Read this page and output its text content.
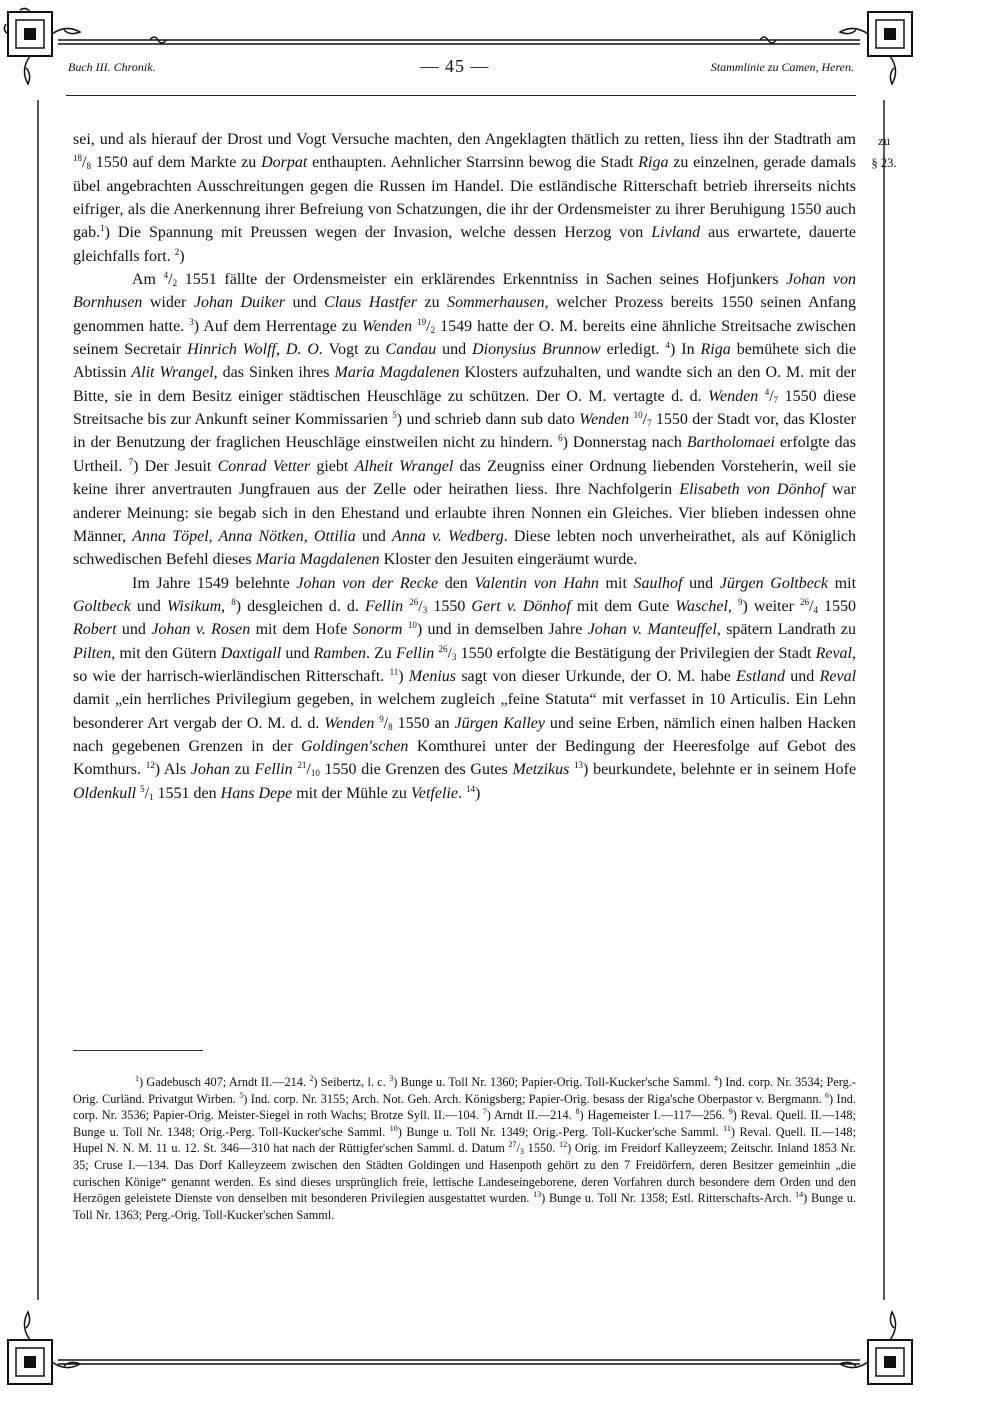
Buch III. Chronik.	— 45 —	Stammlinie zu Camen, Heren.
zu
§ 23.

sei, und als hierauf der Drost und Vogt Versuche machten, den Angeklagten thätlich zu retten, liess ihn der Stadtrath am $^{18}/_8$ 1550 auf dem Markte zu Dorpat enthaupten. Aehnlicher Starrsinn bewog die Stadt Riga zu einzelnen, gerade damals übel angebrachten Ausschreitungen gegen die Russen im Handel. Die estländische Ritterschaft betrieb ihrerseits nichts eifriger, als die Anerkennung ihrer Befreiung von Schatzungen, die ihr der Ordensmeister zu ihrer Beruhigung 1550 auch gab.$^1$) Die Spannung mit Preussen wegen der Invasion, welche dessen Herzog von Livland aus erwartete, dauerte gleichfalls fort. $^2$)

Am $^4/_2$ 1551 fällte der Ordensmeister ein erklärendes Erkenntniss in Sachen seines Hofjunkers Johan von Bornhusen wider Johan Duiker und Claus Hastfer zu Sommerhausen, welcher Prozess bereits 1550 seinen Anfang genommen hatte. $^3$) Auf dem Herrentage zu Wenden $^{19}/_2$ 1549 hatte der O. M. bereits eine ähnliche Streitsache zwischen seinem Secretair Hinrich Wolff, D. O. Vogt zu Candau und Dionysius Brunnow erledigt. $^4$) In Riga bemühete sich die Abtissin Alit Wrangel, das Sinken ihres Maria Magdalenen Klosters aufzuhalten, und wandte sich an den O. M. mit der Bitte, sie in dem Besitz einiger städtischen Heuschläge zu schützen. Der O. M. vertagte d. d. Wenden $^4/_7$ 1550 diese Streitsache bis zur Ankunft seiner Kommissarien $^5$) und schrieb dann sub dato Wenden $^{10}/_7$ 1550 der Stadt vor, das Kloster in der Benutzung der fraglichen Heuschläge einstweilen nicht zu hindern. $^6$) Donnerstag nach Bartholomaei erfolgte das Urtheil. $^7$) Der Jesuit Conrad Vetter giebt Alheit Wrangel das Zeugniss einer Ordnung liebenden Vorsteherin, weil sie keine ihrer anvertrauten Jungfrauen aus der Zelle oder heirathen liess. Ihre Nachfolgerin Elisabeth von Dönhof war anderer Meinung: sie begab sich in den Ehestand und erlaubte ihren Nonnen ein Gleiches. Vier blieben indessen ohne Männer, Anna Töpel, Anna Nötken, Ottilia und Anna v. Wedberg. Diese lebten noch unverheirathet, als auf Königlich schwedischen Befehl dieses Maria Magdalenen Kloster den Jesuiten eingeräumt wurde.

Im Jahre 1549 belehnte Johan von der Recke den Valentin von Hahn mit Saulhof und Jürgen Goltbeck mit Goltbeck und Wisikum, $^8$) desgleichen d. d. Fellin $^{26}/_3$ 1550 Gert v. Dönhof mit dem Gute Waschel, $^9$) weiter $^{26}/_4$ 1550 Robert und Johan v. Rosen mit dem Hofe Sonorm $^{10}$) und in demselben Jahre Johan v. Manteuffel, spätern Landrath zu Pilten, mit den Gütern Daxtigall und Ramben. Zu Fellin $^{26}/_3$ 1550 erfolgte die Bestätigung der Privilegien der Stadt Reval, so wie der harrisch-wierländischen Ritterschaft. $^{11}$) Menius sagt von dieser Urkunde, der O. M. habe Estland und Reval damit „ein herrliches Privilegium gegeben, in welchem zugleich „feine Statuta“ mit verfasset in 10 Articulis. Ein Lehn besonderer Art vergab der O. M. d. d. Wenden $^9/_8$ 1550 an Jürgen Kalley und seine Erben, nämlich einen halben Hacken nach gegebenen Grenzen in der Goldingen'schen Komthurei unter der Bedingung der Heeresfolge auf Gebot des Komthurs. $^{12}$) Als Johan zu Fellin $^{21}/_{10}$ 1550 die Grenzen des Gutes Metzikus $^{13}$) beurkundete, belehnte er in seinem Hofe Oldenkull $^5/_1$ 1551 den Hans Depe mit der Mühle zu Vetfelie. $^{14}$)

$^1$) Gadebusch 407; Arndt II.—214. $^2$) Seibertz, l. c. $^3$) Bunge u. Toll Nr. 1360; Papier-Orig. Toll-Kucker'sche Samml. $^4$) Ind. corp. Nr. 3534; Perg.-Orig. Curländ. Privatgut Wirben. $^5$) Ind. corp. Nr. 3155; Arch. Not. Geh. Arch. Königsberg; Papier-Orig. besass der Riga'sche Oberpastor v. Bergmann. $^6$) Ind. corp. Nr. 3536; Papier-Orig. Meister-Siegel in roth Wachs; Brotze Syll. II.—104. $^7$) Arndt II.—214. $^8$) Hagemeister I.—117—256. $^9$) Reval. Quell. II.—148; Bunge u. Toll Nr. 1348; Orig.-Perg. Toll-Kucker'sche Samml. $^{10}$) Bunge u. Toll Nr. 1349; Orig.-Perg. Toll-Kucker'sche Samml. $^{11}$) Reval. Quell. II.—148; Hupel N. N. M. 11 u. 12. St. 346—310 hat nach der Rüttigfer'schen Samml. d. Datum $^{27}/_3$ 1550. $^{12}$) Orig. im Freidorf Kalleyzeem; Zeitschr. Inland 1853 Nr. 35; Cruse I.—134. Das Dorf Kalleyzeem zwischen den Städten Goldingen und Hasenpoth gehört zu den 7 Freidörfern, deren Besitzer gemeinhin „die curischen Könige“ genannt werden. Es sind dieses ursprünglich freie, lettische Landeseingeborene, deren Vorfahren durch besondere dem Orden und den Herzögen geleistete Dienste von denselben mit besonderen Privilegien ausgestattet wurden. $^{13}$) Bunge u. Toll Nr. 1358; Estl. Ritterschafts-Arch. $^{14}$) Bunge u. Toll Nr. 1363; Perg.-Orig. Toll-Kucker'schen Samml.
